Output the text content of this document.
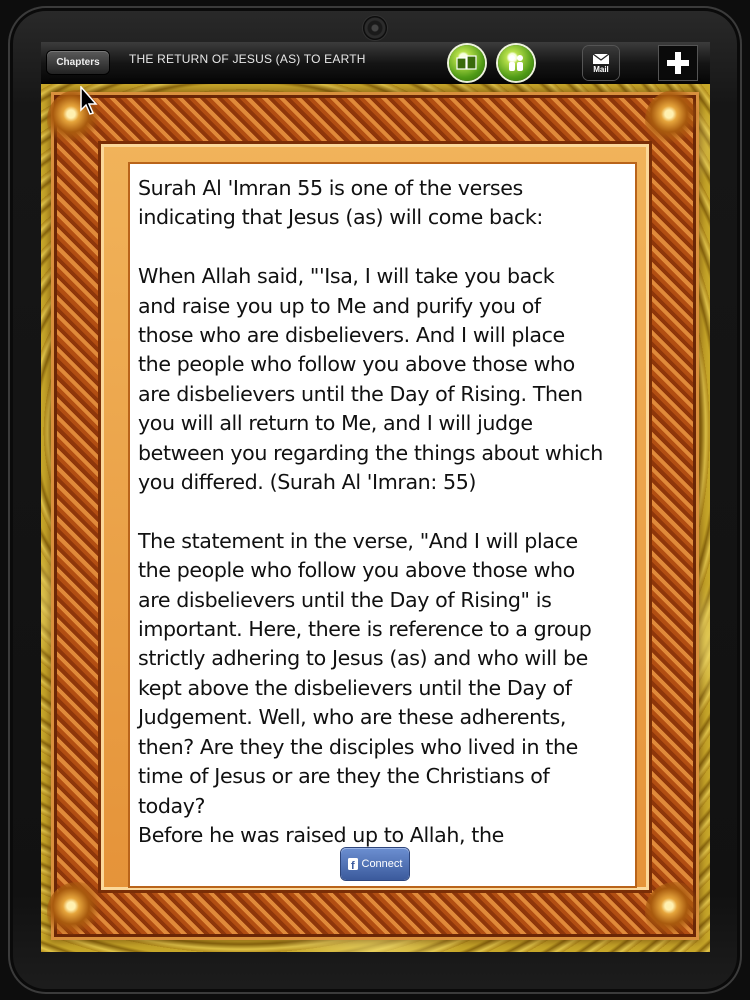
Chapters	THE RETURN OF JESUS (AS) TO EARTH
Mail

Surah Al 'Imran 55 is one of the verses
indicating that Jesus (as) will come back:

When Allah said, "'Isa, I will take you back
and raise you up to Me and purify you of
those who are disbelievers. And I will place
the people who follow you above those who
are disbelievers until the Day of Rising. Then
you will all return to Me, and I will judge
between you regarding the things about which
you differed. (Surah Al 'Imran: 55)

The statement in the verse, "And I will place
the people who follow you above those who
are disbelievers until the Day of Rising" is
important. Here, there is reference to a group
strictly adhering to Jesus (as) and who will be
kept above the disbelievers until the Day of
Judgement. Well, who are these adherents,
then? Are they the disciples who lived in the
time of Jesus or are they the Christians of
today?

Before he was raised up to Allah, the

f Connect
